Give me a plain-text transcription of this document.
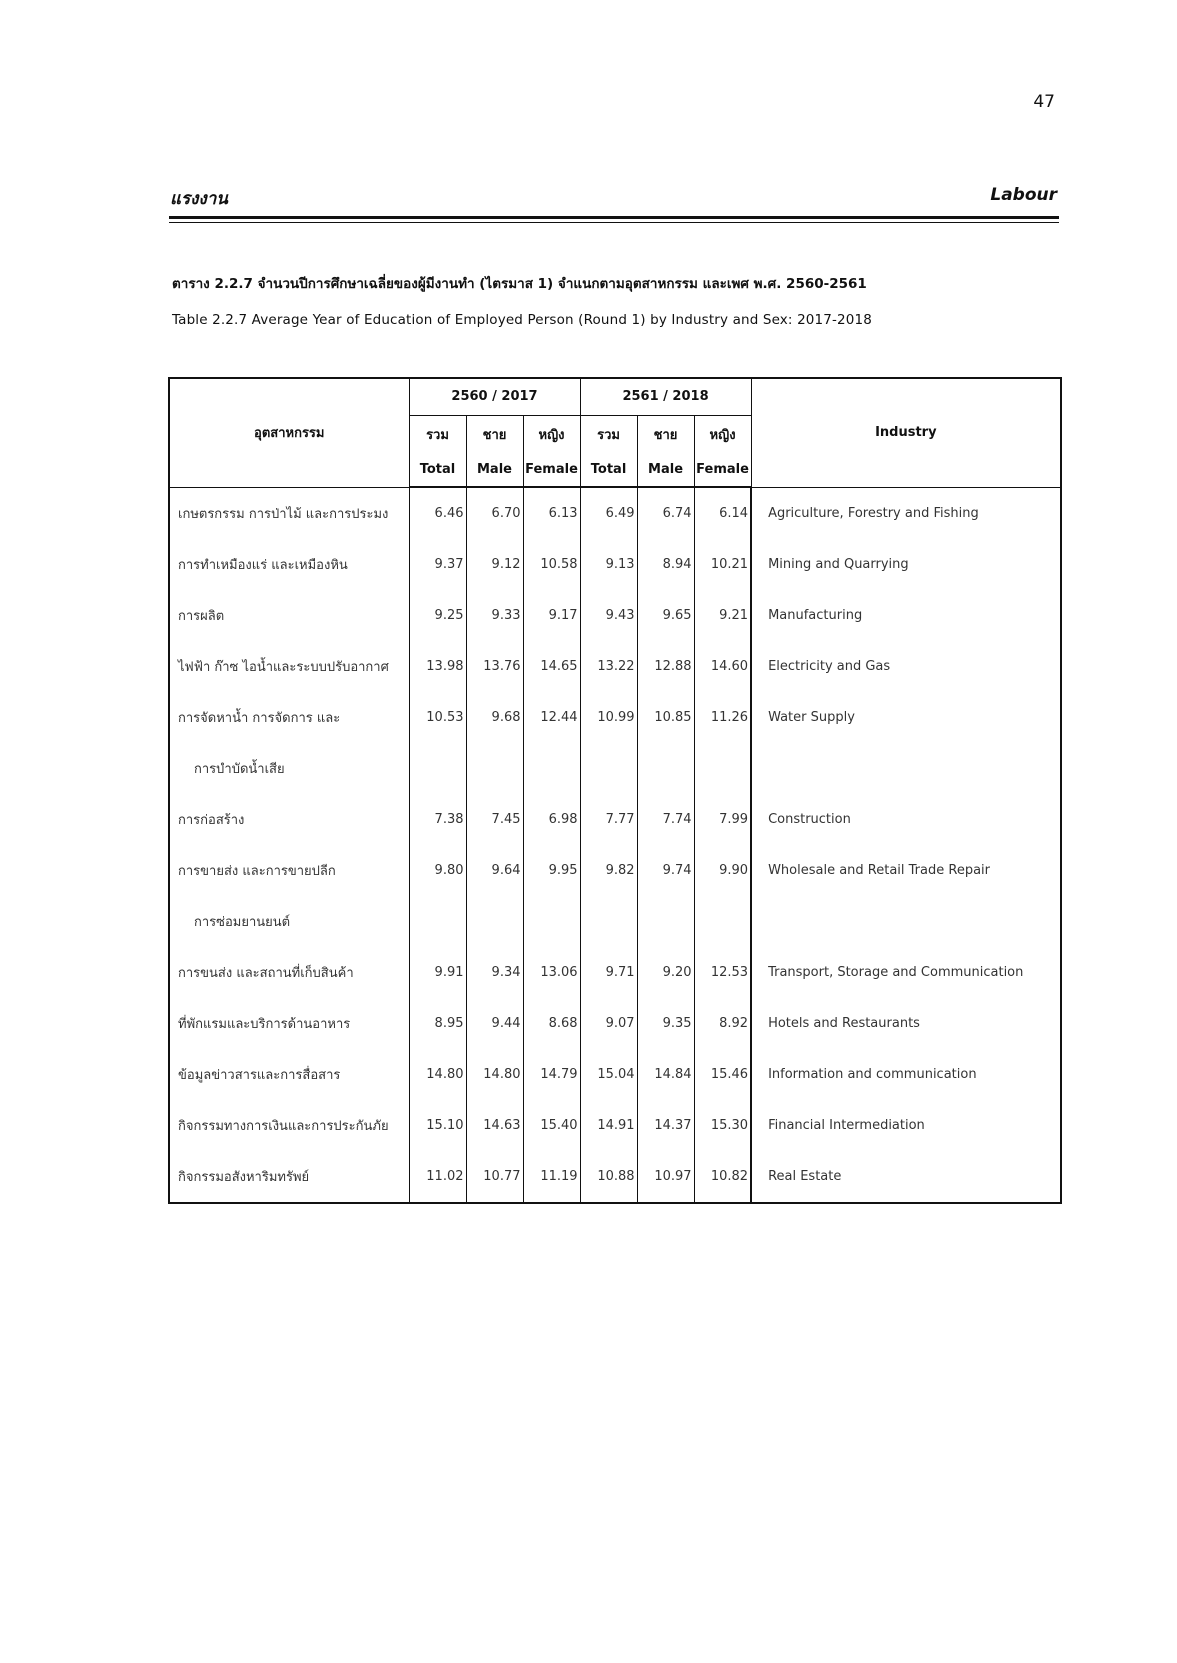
47
แรงงาน	Labour
ตาราง 2.2.7 จำนวนปีการศึกษาเฉลี่ยของผู้มีงานทำ (ไตรมาส 1) จำแนกตามอุตสาหกรรม และเพศ พ.ศ. 2560-2561
Table 2.2.7 Average Year of Education of Employed Person (Round 1) by Industry and Sex: 2017-2018
อุตสาหกรรม	2560 / 2017			2561 / 2018			Industry
	รวม	ชาย	หญิง	รวม	ชาย	หญิง	
	Total	Male	Female	Total	Male	Female	
เกษตรกรรม การป่าไม้ และการประมง	6.46	6.70	6.13	6.49	6.74	6.14	Agriculture, Forestry and Fishing
การทำเหมืองแร่ และเหมืองหิน	9.37	9.12	10.58	9.13	8.94	10.21	Mining and Quarrying
การผลิต	9.25	9.33	9.17	9.43	9.65	9.21	Manufacturing
ไฟฟ้า ก๊าซ ไอน้ำและระบบปรับอากาศ	13.98	13.76	14.65	13.22	12.88	14.60	Electricity and Gas
การจัดหาน้ำ การจัดการ และ	10.53	9.68	12.44	10.99	10.85	11.26	Water Supply
การบำบัดน้ำเสีย							
การก่อสร้าง	7.38	7.45	6.98	7.77	7.74	7.99	Construction
การขายส่ง และการขายปลีก	9.80	9.64	9.95	9.82	9.74	9.90	Wholesale and Retail Trade Repair
การซ่อมยานยนต์							
การขนส่ง และสถานที่เก็บสินค้า	9.91	9.34	13.06	9.71	9.20	12.53	Transport, Storage and Communication
ที่พักแรมและบริการด้านอาหาร	8.95	9.44	8.68	9.07	9.35	8.92	Hotels and Restaurants
ข้อมูลข่าวสารและการสื่อสาร	14.80	14.80	14.79	15.04	14.84	15.46	Information and communication
กิจกรรมทางการเงินและการประกันภัย	15.10	14.63	15.40	14.91	14.37	15.30	Financial Intermediation
กิจกรรมอสังหาริมทรัพย์	11.02	10.77	11.19	10.88	10.97	10.82	Real Estate
